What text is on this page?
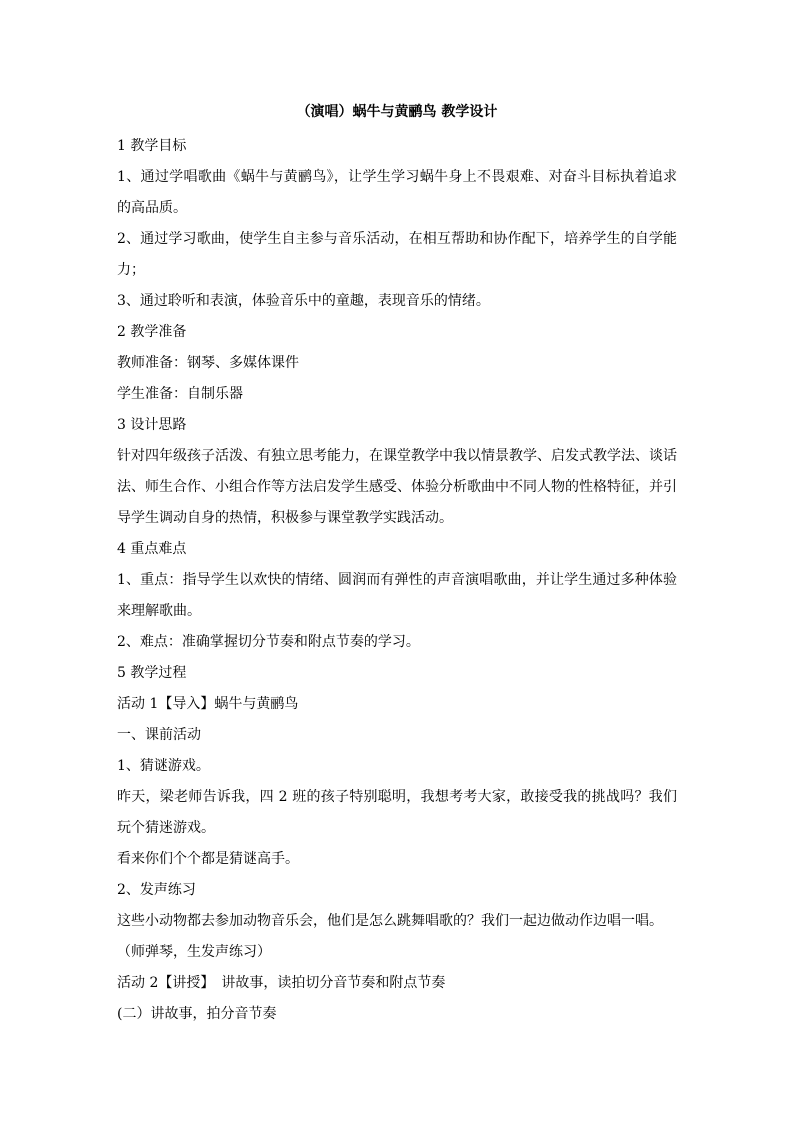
（演唱）蜗牛与黄鹂鸟 教学设计

1 教学目标

1、通过学唱歌曲《蜗牛与黄鹂鸟》，让学生学习蜗牛身上不畏艰难、对奋斗目标执着追求的高品质。

2、通过学习歌曲，使学生自主参与音乐活动，在相互帮助和协作配下，培养学生的自学能力；

3、通过聆听和表演，体验音乐中的童趣，表现音乐的情绪。

2 教学准备

教师准备：钢琴、多媒体课件

学生准备：自制乐器

3 设计思路

针对四年级孩子活泼、有独立思考能力，在课堂教学中我以情景教学、启发式教学法、谈话法、师生合作、小组合作等方法启发学生感受、体验分析歌曲中不同人物的性格特征，并引导学生调动自身的热情，积极参与课堂教学实践活动。

4 重点难点

1、重点：指导学生以欢快的情绪、圆润而有弹性的声音演唱歌曲，并让学生通过多种体验来理解歌曲。

2、难点：准确掌握切分节奏和附点节奏的学习。

5 教学过程

活动 1【导入】蜗牛与黄鹂鸟

一、课前活动

1、猜谜游戏。

昨天，梁老师告诉我，四 2 班的孩子特别聪明，我想考考大家，敢接受我的挑战吗？我们玩个猜迷游戏。

看来你们个个都是猜谜高手。

2、发声练习

这些小动物都去参加动物音乐会，他们是怎么跳舞唱歌的？我们一起边做动作边唱一唱。

（师弹琴，生发声练习）

活动 2【讲授】　讲故事，读拍切分音节奏和附点节奏

(二）讲故事，拍分音节奏
